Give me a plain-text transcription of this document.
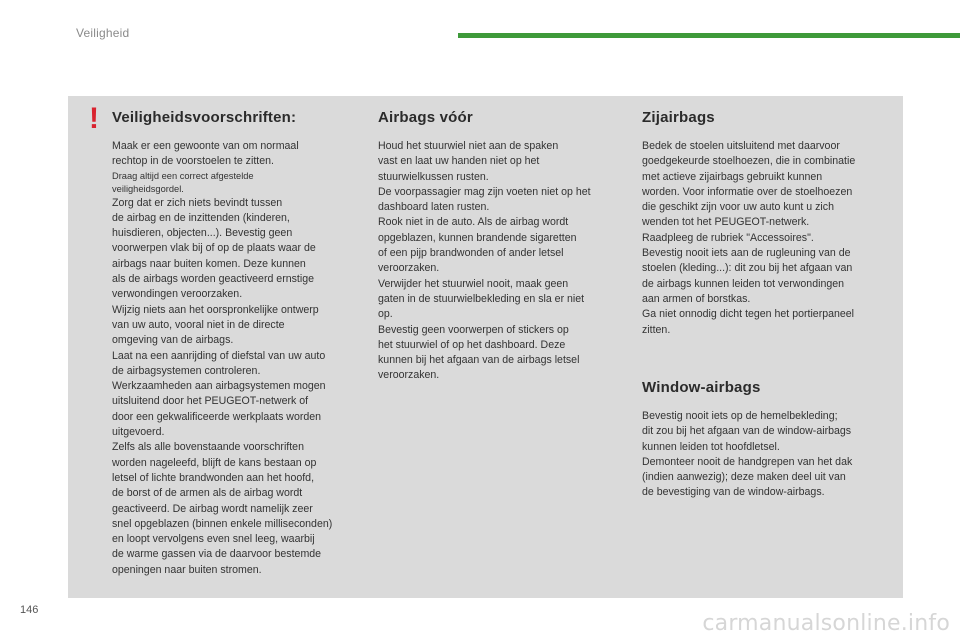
Veiligheid
! Veiligheidsvoorschriften:

Maak er een gewoonte van om normaal

rechtop in de voorstoelen te zitten.

Draag altijd een correct afgestelde

veiligheidsgordel.

Zorg dat er zich niets bevindt tussen

de airbag en de inzittenden (kinderen,

huisdieren, objecten...). Bevestig geen

voorwerpen vlak bij of op de plaats waar de

airbags naar buiten komen. Deze kunnen

als de airbags worden geactiveerd ernstige

verwondingen veroorzaken.

Wijzig niets aan het oorspronkelijke ontwerp

van uw auto, vooral niet in de directe

omgeving van de airbags.

Laat na een aanrijding of diefstal van uw auto

de airbagsystemen controleren.

Werkzaamheden aan airbagsystemen mogen

uitsluitend door het PEUGEOT-netwerk of

door een gekwalificeerde werkplaats worden

uitgevoerd.

Zelfs als alle bovenstaande voorschriften

worden nageleefd, blijft de kans bestaan op

letsel of lichte brandwonden aan het hoofd,

de borst of de armen als de airbag wordt

geactiveerd. De airbag wordt namelijk zeer

snel opgeblazen (binnen enkele milliseconden)

en loopt vervolgens even snel leeg, waarbij

de warme gassen via de daarvoor bestemde

openingen naar buiten stromen.

Airbags vóór

Houd het stuurwiel niet aan de spaken

vast en laat uw handen niet op het

stuurwielkussen rusten.

De voorpassagier mag zijn voeten niet op het

dashboard laten rusten.

Rook niet in de auto. Als de airbag wordt

opgeblazen, kunnen brandende sigaretten

of een pijp brandwonden of ander letsel

veroorzaken.

Verwijder het stuurwiel nooit, maak geen

gaten in de stuurwielbekleding en sla er niet

op.

Bevestig geen voorwerpen of stickers op

het stuurwiel of op het dashboard. Deze

kunnen bij het afgaan van de airbags letsel

veroorzaken.

Zijairbags

Bedek de stoelen uitsluitend met daarvoor

goedgekeurde stoelhoezen, die in combinatie

met actieve zijairbags gebruikt kunnen

worden. Voor informatie over de stoelhoezen

die geschikt zijn voor uw auto kunt u zich

wenden tot het PEUGEOT-netwerk.

Raadpleeg de rubriek "Accessoires".

Bevestig nooit iets aan de rugleuning van de

stoelen (kleding...): dit zou bij het afgaan van

de airbags kunnen leiden tot verwondingen

aan armen of borstkas.

Ga niet onnodig dicht tegen het portierpaneel

zitten.

Window-airbags

Bevestig nooit iets op de hemelbekleding;

dit zou bij het afgaan van de window-airbags

kunnen leiden tot hoofdletsel.

Demonteer nooit de handgrepen van het dak

(indien aanwezig); deze maken deel uit van

de bevestiging van de window-airbags.

146
carmanualsonline.info
